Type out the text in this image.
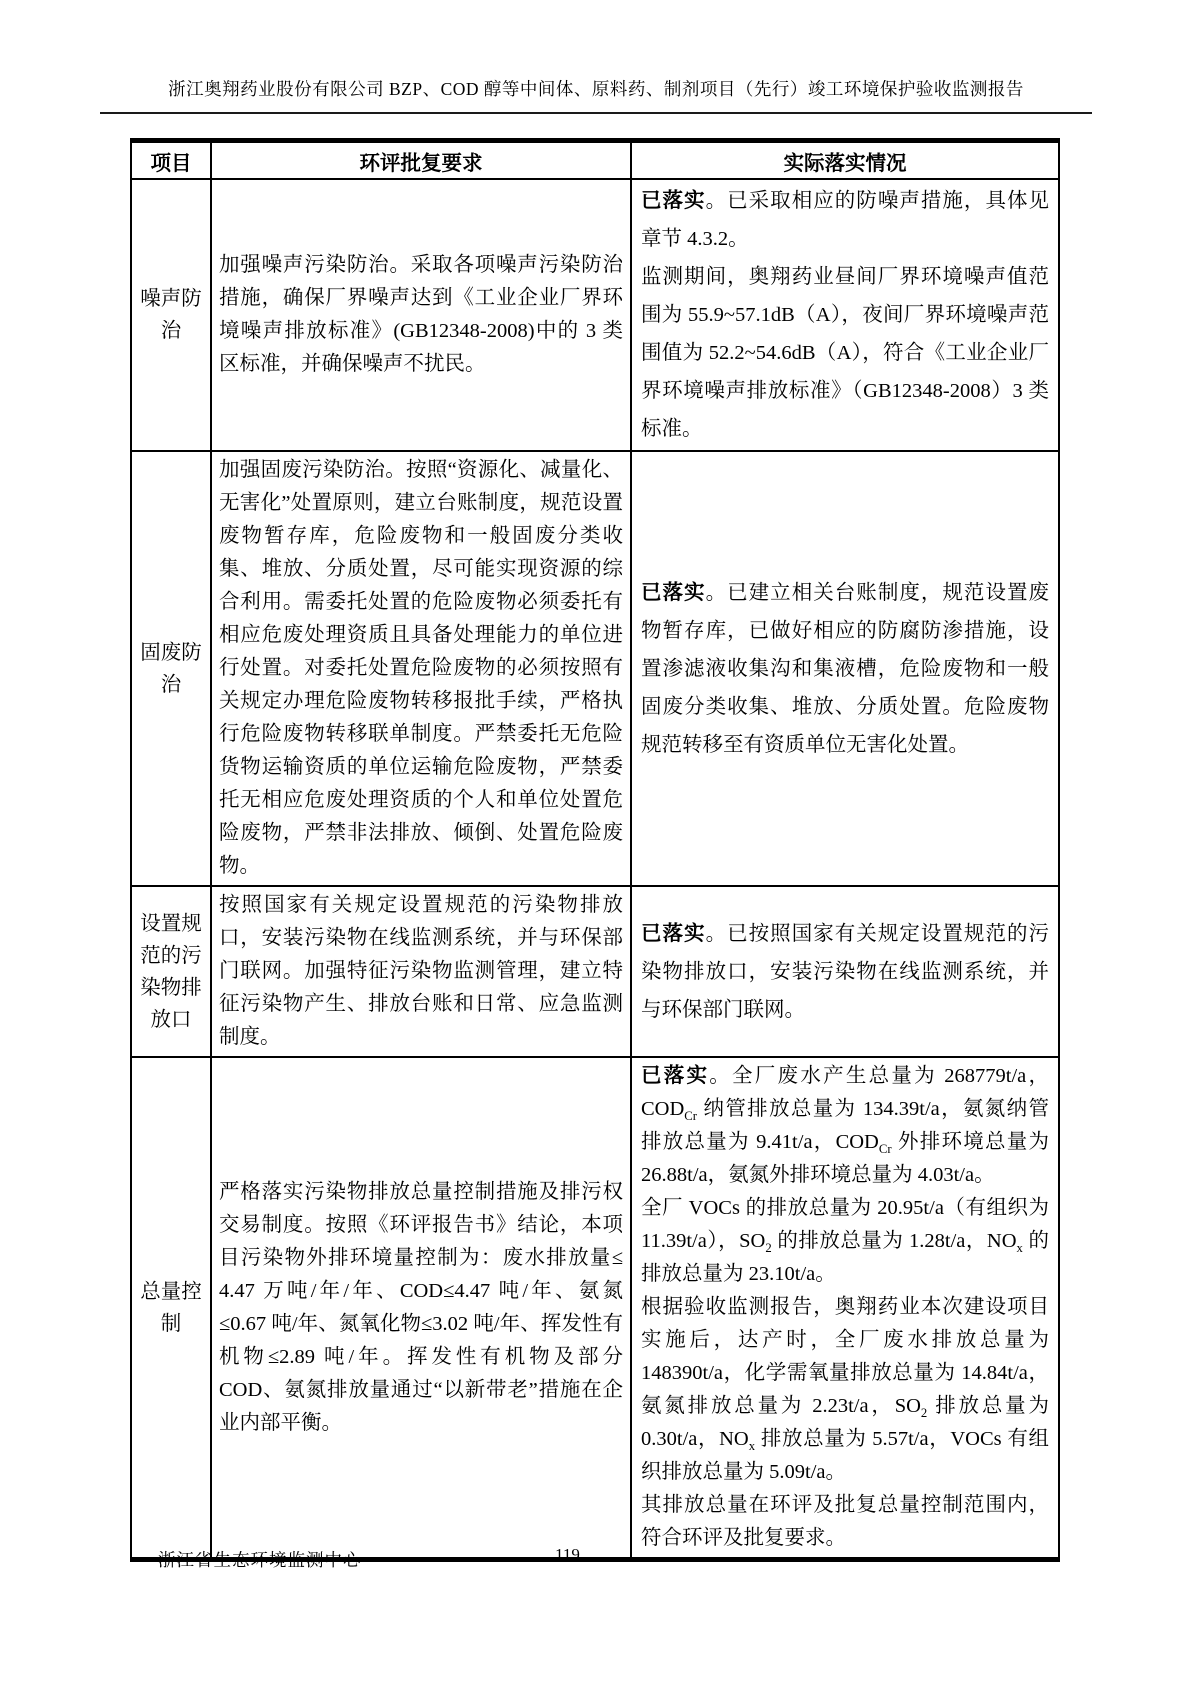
浙江奥翔药业股份有限公司 BZP、COD 醇等中间体、原料药、制剂项目（先行）竣工环境保护验收监测报告
项目	环评批复要求	实际落实情况
噪声防治	加强噪声污染防治。采取各项噪声污染防治措施，确保厂界噪声达到《工业企业厂界环境噪声排放标准》(GB12348-2008)中的 3 类区标准，并确保噪声不扰民。	已落实。已采取相应的防噪声措施，具体见章节 4.3.2。

监测期间，奥翔药业昼间厂界环境噪声值范围为 55.9~57.1dB（A），夜间厂界环境噪声范围值为 52.2~54.6dB（A），符合《工业企业厂界环境噪声排放标准》（GB12348-2008）3 类标准。

固废防治	加强固废污染防治。按照“资源化、减量化、无害化”处置原则，建立台账制度，规范设置废物暂存库，危险废物和一般固废分类收集、堆放、分质处置，尽可能实现资源的综合利用。需委托处置的危险废物必须委托有相应危废处理资质且具备处理能力的单位进行处置。对委托处置危险废物的必须按照有关规定办理危险废物转移报批手续，严格执行危险废物转移联单制度。严禁委托无危险货物运输资质的单位运输危险废物，严禁委托无相应危废处理资质的个人和单位处置危险废物，严禁非法排放、倾倒、处置危险废物。	已落实。已建立相关台账制度，规范设置废物暂存库，已做好相应的防腐防渗措施，设置渗滤液收集沟和集液槽，危险废物和一般固废分类收集、堆放、分质处置。危险废物规范转移至有资质单位无害化处置。

设置规范的污染物排放口	按照国家有关规定设置规范的污染物排放口，安装污染物在线监测系统，并与环保部门联网。加强特征污染物监测管理，建立特征污染物产生、排放台账和日常、应急监测制度。	已落实。已按照国家有关规定设置规范的污染物排放口，安装污染物在线监测系统，并与环保部门联网。

总量控制	严格落实污染物排放总量控制措施及排污权交易制度。按照《环评报告书》结论，本项目污染物外排环境量控制为：废水排放量≤ 4.47 万吨/年/年、COD≤4.47 吨/年、氨氮≤0.67 吨/年、氮氧化物≤3.02 吨/年、挥发性有机物≤2.89 吨/年。挥发性有机物及部分 COD、氨氮排放量通过“以新带老”措施在企业内部平衡。	已落实。全厂废水产生总量为 268779t/a，$COD_{Cr}$ 纳管排放总量为 134.39t/a，氨氮纳管排放总量为 9.41t/a，$COD_{Cr}$ 外排环境总量为 26.88t/a，氨氮外排环境总量为 4.03t/a。

全厂 VOCs 的排放总量为 20.95t/a（有组织为 11.39t/a），$SO_2$ 的排放总量为 1.28t/a，$NO_x$ 的排放总量为 23.10t/a。

根据验收监测报告，奥翔药业本次建设项目实施后，达产时，全厂废水排放总量为 148390t/a，化学需氧量排放总量为 14.84t/a，氨氮排放总量为 2.23t/a，$SO_2$ 排放总量为 0.30t/a，$NO_x$ 排放总量为 5.57t/a，VOCs 有组织排放总量为 5.09t/a。

其排放总量在环评及批复总量控制范围内，符合环评及批复要求。

浙江省生态环境监测中心	119
